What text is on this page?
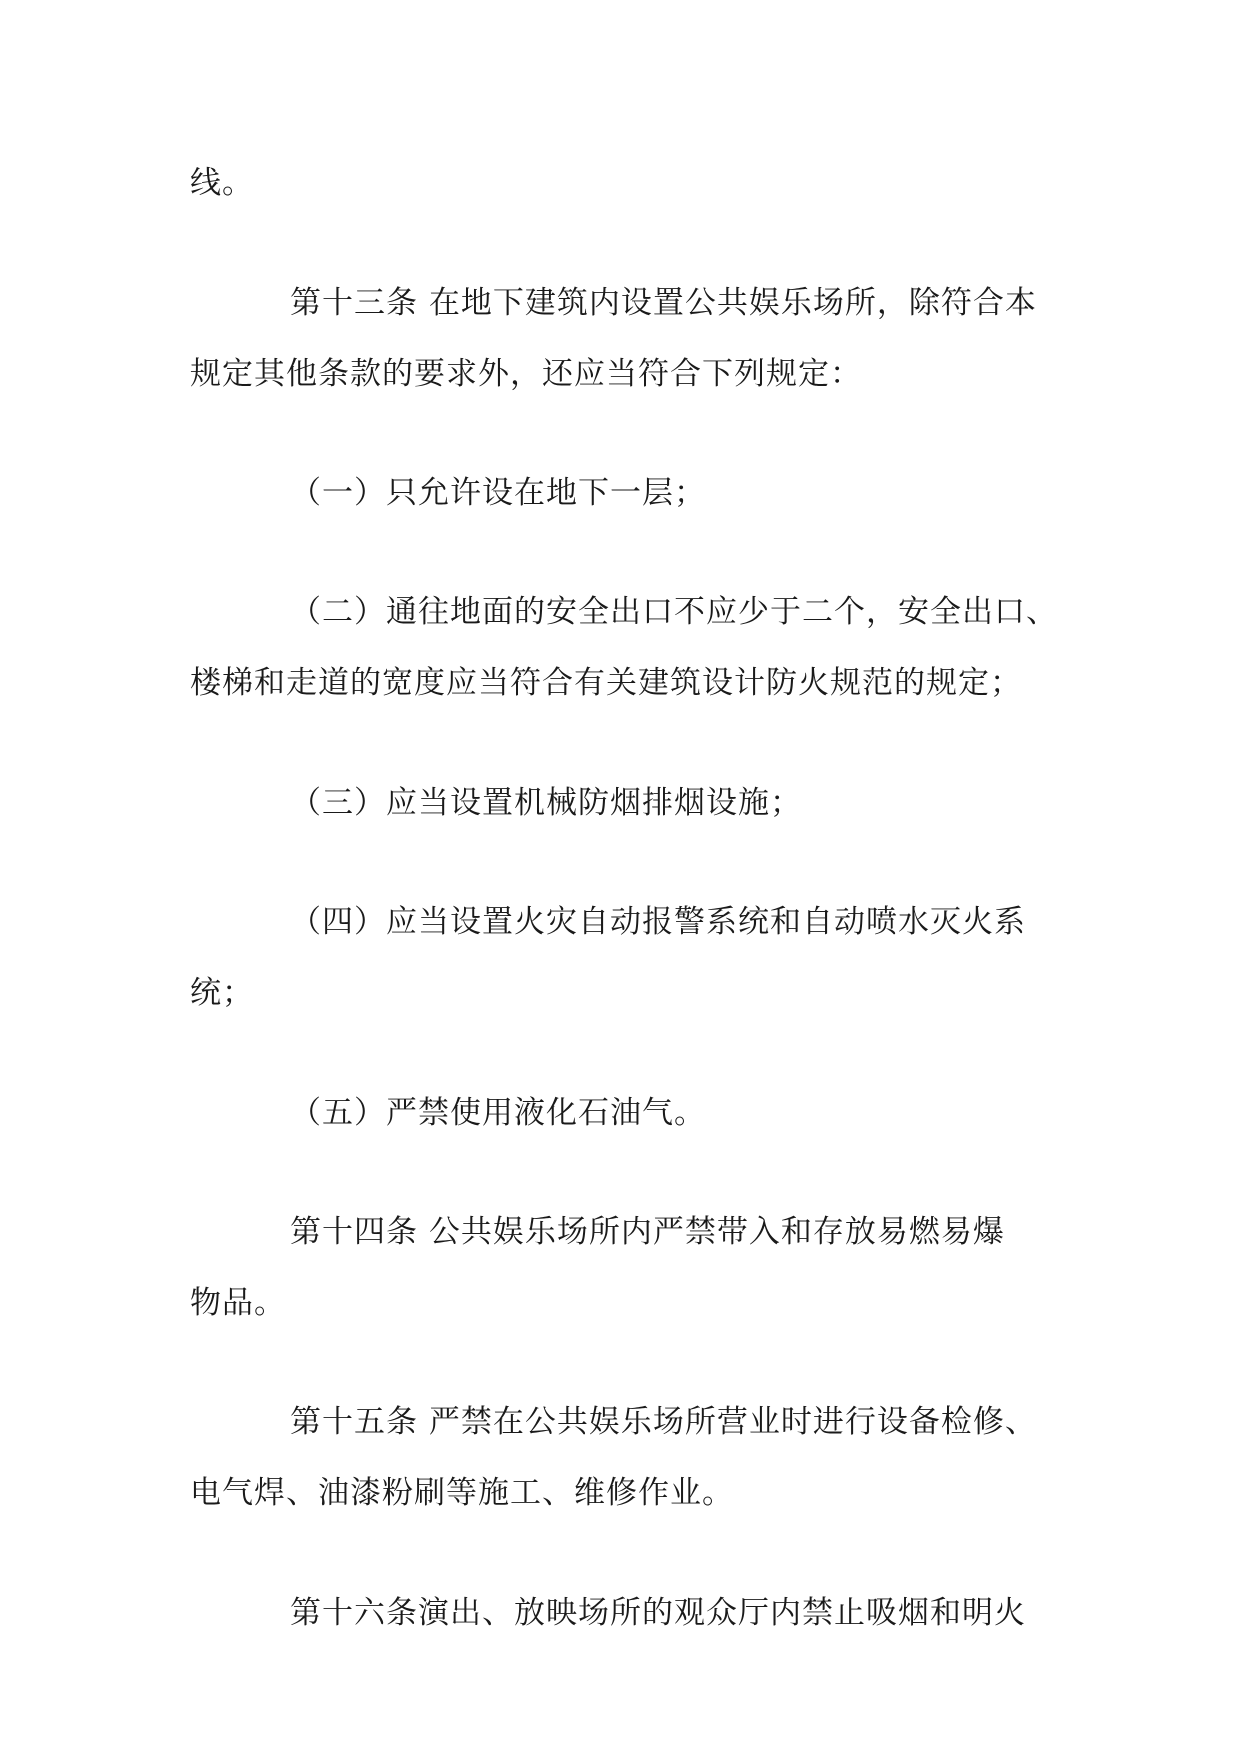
线。
第十三条 在地下建筑内设置公共娱乐场所，除符合本
规定其他条款的要求外，还应当符合下列规定：
（一）只允许设在地下一层；
（二）通往地面的安全出口不应少于二个，安全出口、
楼梯和走道的宽度应当符合有关建筑设计防火规范的规定；
（三）应当设置机械防烟排烟设施；
（四）应当设置火灾自动报警系统和自动喷水灭火系
统；
（五）严禁使用液化石油气。
第十四条 公共娱乐场所内严禁带入和存放易燃易爆
物品。
第十五条 严禁在公共娱乐场所营业时进行设备检修、
电气焊、油漆粉刷等施工、维修作业。
第十六条演出、放映场所的观众厅内禁止吸烟和明火
